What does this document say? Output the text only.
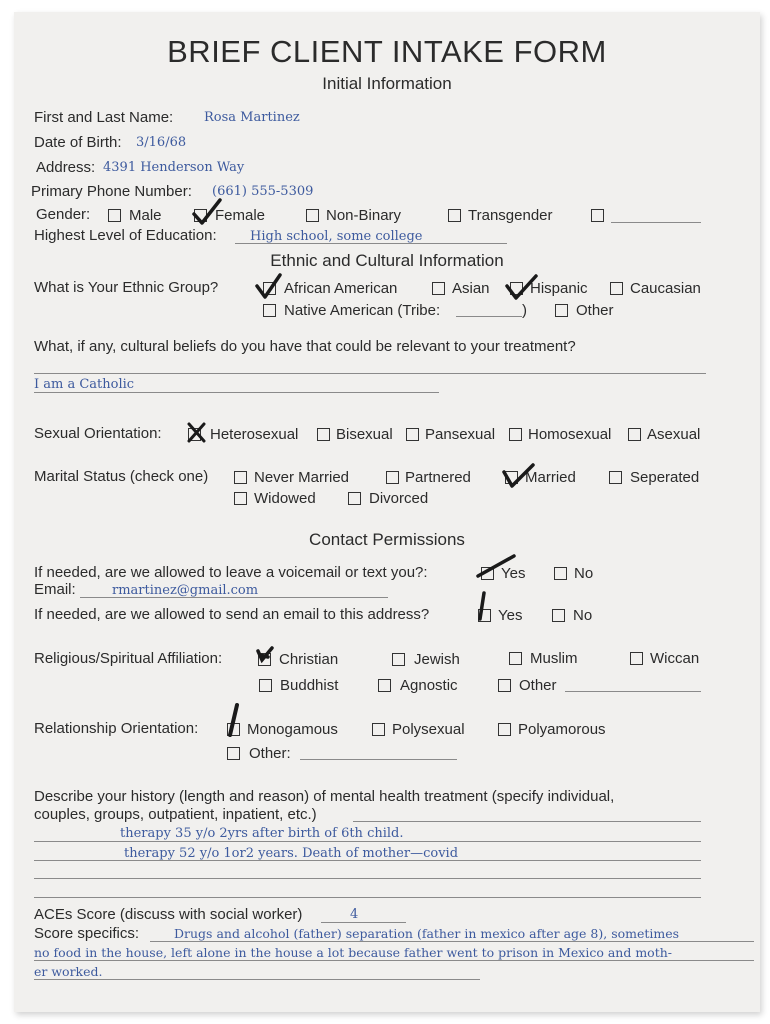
BRIEF CLIENT INTAKE FORM
Initial Information
First and Last Name: Rosa Martinez
Date of Birth: 3/16/68
Address: 4391 Henderson Way
Primary Phone Number: (661) 555-5309
Gender:	Male	Female	Non-Binary	Transgender
Highest Level of Education:	High school, some college
Ethnic and Cultural Information
What is Your Ethnic Group?	African American	Asian	Hispanic	Caucasian
Native American (Tribe:	)	Other
What, if any, cultural beliefs do you have that could be relevant to your treatment?
I am a Catholic
Sexual Orientation:	Heterosexual	Bisexual Pansexual Homosexual Asexual
Marital Status (check one)	Never Married	Partnered	Married	Seperated
Widowed	Divorced
Contact Permissions
If needed, are we allowed to leave a voicemail or text you?:	Yes	No
Email:	rmartinez@gmail.com
If needed, are we allowed to send an email to this address?	Yes	No
Religious/Spiritual Affiliation:	Christian	Jewish	Muslim	Wiccan
Buddhist	Agnostic	Other
Relationship Orientation:	Monogamous	Polysexual	Polyamorous
Other:
Describe your history (length and reason) of mental health treatment (specify individual,
couples, groups, outpatient, inpatient, etc.)
therapy 35 y/o 2yrs after birth of 6th child.
therapy 52 y/o 1or2 years. Death of mother—covid
ACEs Score (discuss with social worker)	4
Score specifics:	Drugs and alcohol (father) separation (father in mexico after age 8), sometimes
no food in the house, left alone in the house a lot because father went to prison in Mexico and moth-
er worked.
